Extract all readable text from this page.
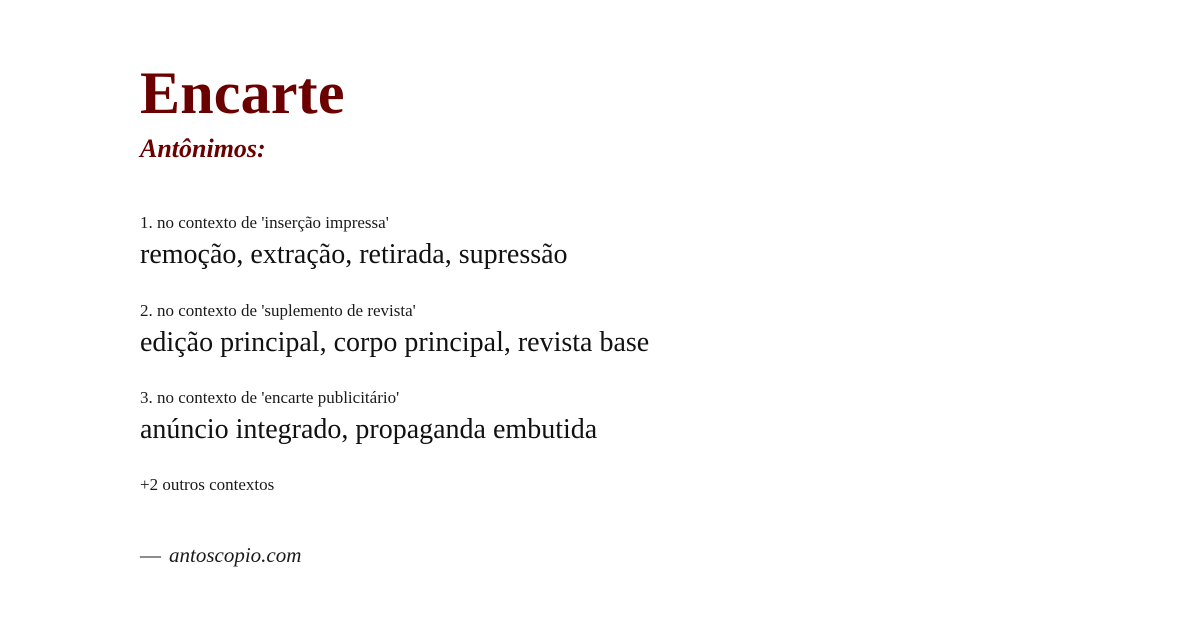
Encarte
Antônimos:
1. no contexto de 'inserção impressa'
remoção, extração, retirada, supressão
2. no contexto de 'suplemento de revista'
edição principal, corpo principal, revista base
3. no contexto de 'encarte publicitário'
anúncio integrado, propaganda embutida
+2 outros contextos
— antoscopio.com
